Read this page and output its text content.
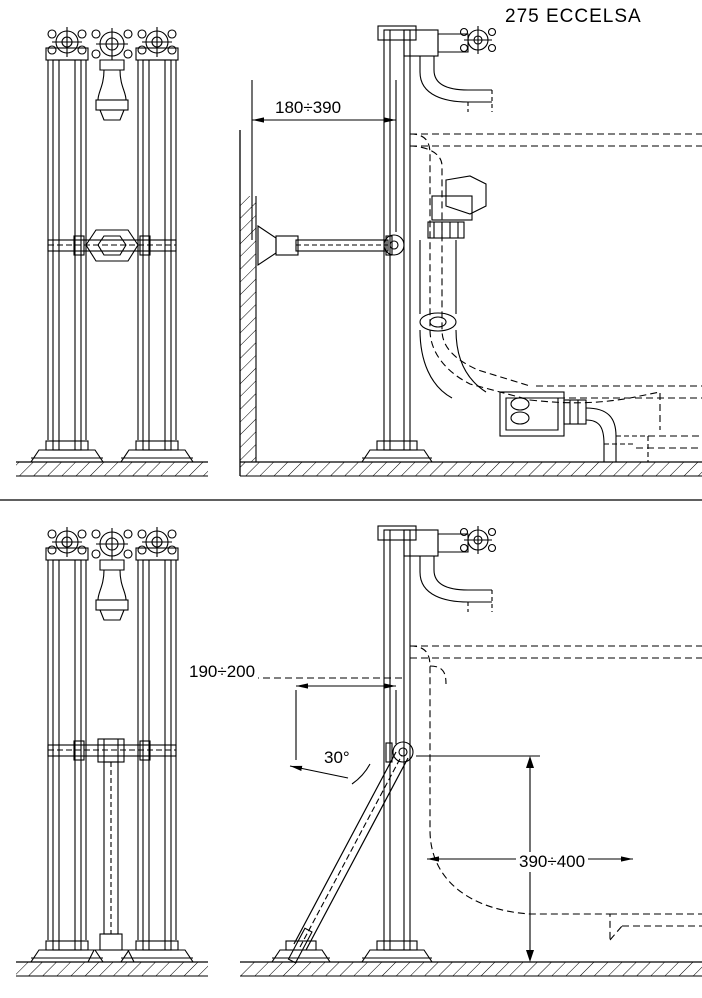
275 ECCELSA
180÷390
190÷200
390÷400
30°
